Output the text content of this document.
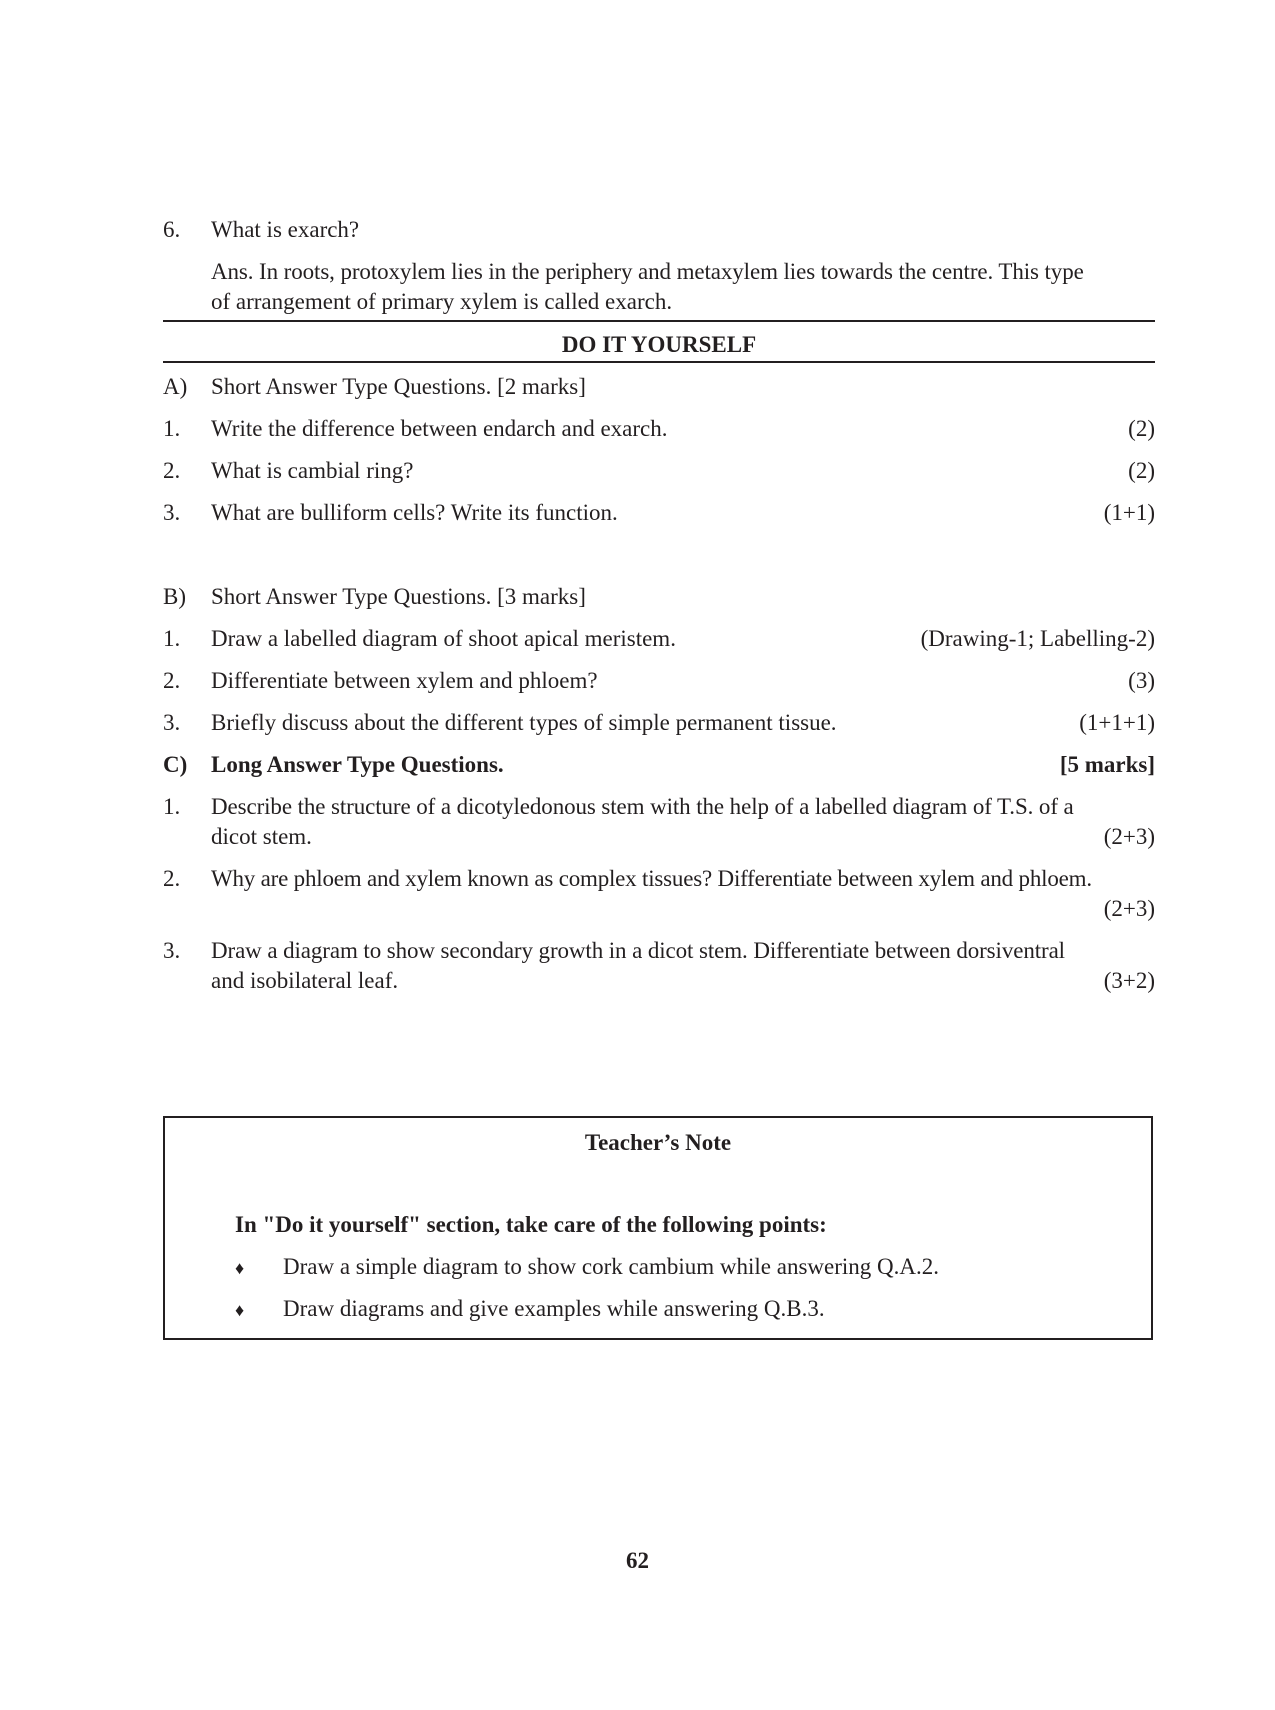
6.	What is exarch?
Ans. In roots, protoxylem lies in the periphery and metaxylem lies towards the centre. This type
of arrangement of primary xylem is called exarch.
DO IT YOURSELF
A)	Short Answer Type Questions. [2 marks]
1.	Write the difference between endarch and exarch.	(2)
2.	What is cambial ring?	(2)
3.	What are bulliform cells? Write its function.	(1+1)
B)	Short Answer Type Questions. [3 marks]
1.	Draw a labelled diagram of shoot apical meristem.	(Drawing-1; Labelling-2)
2.	Differentiate between xylem and phloem?	(3)
3.	Briefly discuss about the different types of simple permanent tissue.	(1+1+1)
C)	Long Answer Type Questions.	[5 marks]
1.	Describe the structure of a dicotyledonous stem with the help of a labelled diagram of T.S. of a
dicot stem.	(2+3)
2.	Why are phloem and xylem known as complex tissues? Differentiate between xylem and phloem.
(2+3)
3.	Draw a diagram to show secondary growth in a dicot stem. Differentiate between dorsiventral
and isobilateral leaf.	(3+2)
Teacher’s Note
In "Do it yourself" section, take care of the following points:
♦	Draw a simple diagram to show cork cambium while answering Q.A.2.
♦	Draw diagrams and give examples while answering Q.B.3.
62
